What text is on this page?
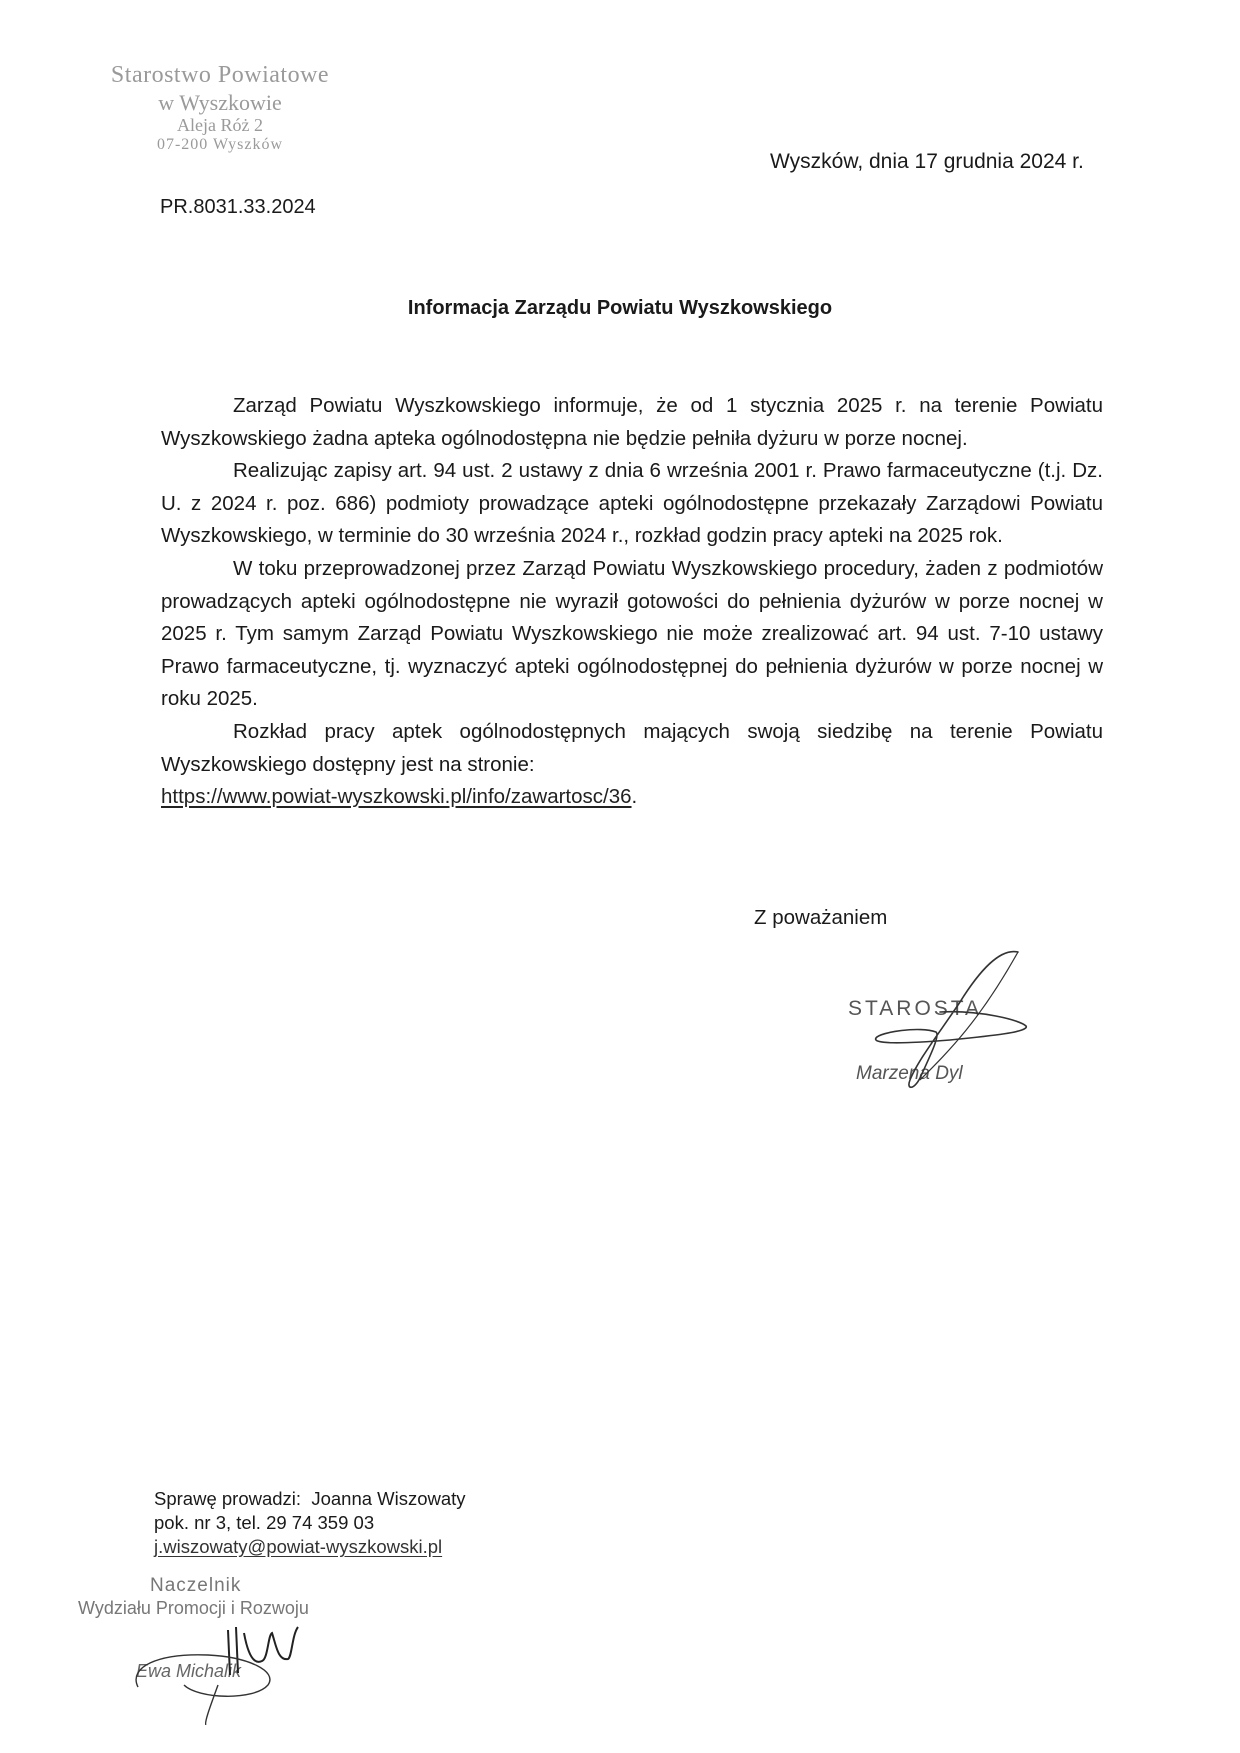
Starostwo Powiatowe
w Wyszkowie
Aleja Róż 2
07-200 Wyszków
Wyszków, dnia 17 grudnia 2024 r.
PR.8031.33.2024
Informacja Zarządu Powiatu Wyszkowskiego

Zarząd Powiatu Wyszkowskiego informuje, że od 1 stycznia 2025 r. na terenie Powiatu Wyszkowskiego żadna apteka ogólnodostępna nie będzie pełniła dyżuru w porze nocnej.

Realizując zapisy art. 94 ust. 2 ustawy z dnia 6 września 2001 r. Prawo farmaceutyczne (t.j. Dz. U. z 2024 r. poz. 686) podmioty prowadzące apteki ogólnodostępne przekazały Zarządowi Powiatu Wyszkowskiego, w terminie do 30 września 2024 r., rozkład godzin pracy apteki na 2025 rok.

W toku przeprowadzonej przez Zarząd Powiatu Wyszkowskiego procedury, żaden z podmiotów prowadzących apteki ogólnodostępne nie wyraził gotowości do pełnienia dyżurów w porze nocnej w 2025 r. Tym samym Zarząd Powiatu Wyszkowskiego nie może zrealizować art. 94 ust. 7-10 ustawy Prawo farmaceutyczne, tj. wyznaczyć apteki ogólnodostępnej do pełnienia dyżurów w porze nocnej w roku 2025.

Rozkład pracy aptek ogólnodostępnych mających swoją siedzibę na terenie Powiatu Wyszkowskiego dostępny jest na stronie:

https://www.powiat-wyszkowski.pl/info/zawartosc/36.
Z poważaniem
STAROSTA
Marzena Dyl
Sprawę prowadzi: Joanna Wiszowaty
pok. nr 3, tel. 29 74 359 03
j.wiszowaty@powiat-wyszkowski.pl
Naczelnik
Wydziału Promocji i Rozwoju
Ewa Michalik
